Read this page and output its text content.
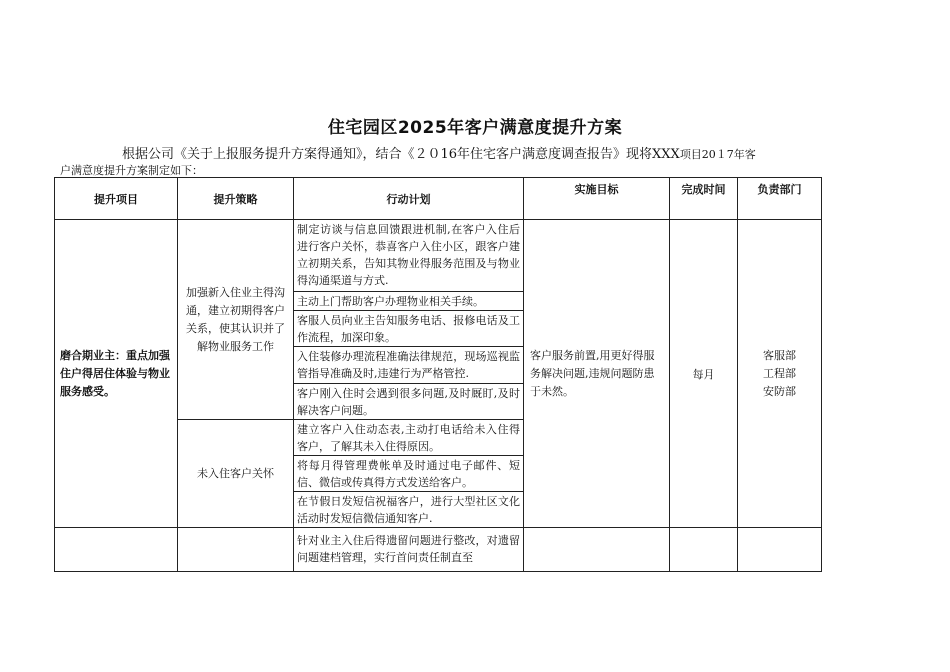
住宅园区2025年客户满意度提升方案
根据公司《关于上报服务提升方案得通知》，结合《２０16年住宅客户满意度调查报告》现将XXX项目20１7年客
户满意度提升方案制定如下：
提升项目	提升策略	行动计划	实施目标	完成时间	负责部门
磨合期业主：重点加强住户得居住体验与物业服务感受。	加强新入住业主得沟通，建立初期得客户关系，使其认识并了解物业服务工作	制定访谈与信息回馈跟进机制,在客户入住后进行客户关怀，恭喜客户入住小区，跟客户建立初期关系，告知其物业得服务范围及与物业得沟通渠道与方式.	客户服务前置,用更好得服务解决问题,违规问题防患于未然。	每月	客服部
工程部
安防部

		主动上门帮助客户办理物业相关手续。			
		客服人员向业主告知服务电话、报修电话及工作流程，加深印象。			
		入住装修办理流程准确法律规范，现场巡视监管指导准确及时,违建行为严格管控.			
		客户刚入住时会遇到很多问题,及时厩盯,及时解决客户问题。			
	未入住客户关怀	建立客户入住动态表,主动打电话给未入住得客户，了解其未入住得原因。			
		将每月得管理费帐单及时通过电子邮件、短信、微信或传真得方式发送给客户。			
		在节假日发短信祝福客户，进行大型社区文化活动时发短信微信通知客户.			
		针对业主入住后得遗留问题进行整改，对遗留问题建档管理，实行首问责任制直至			
